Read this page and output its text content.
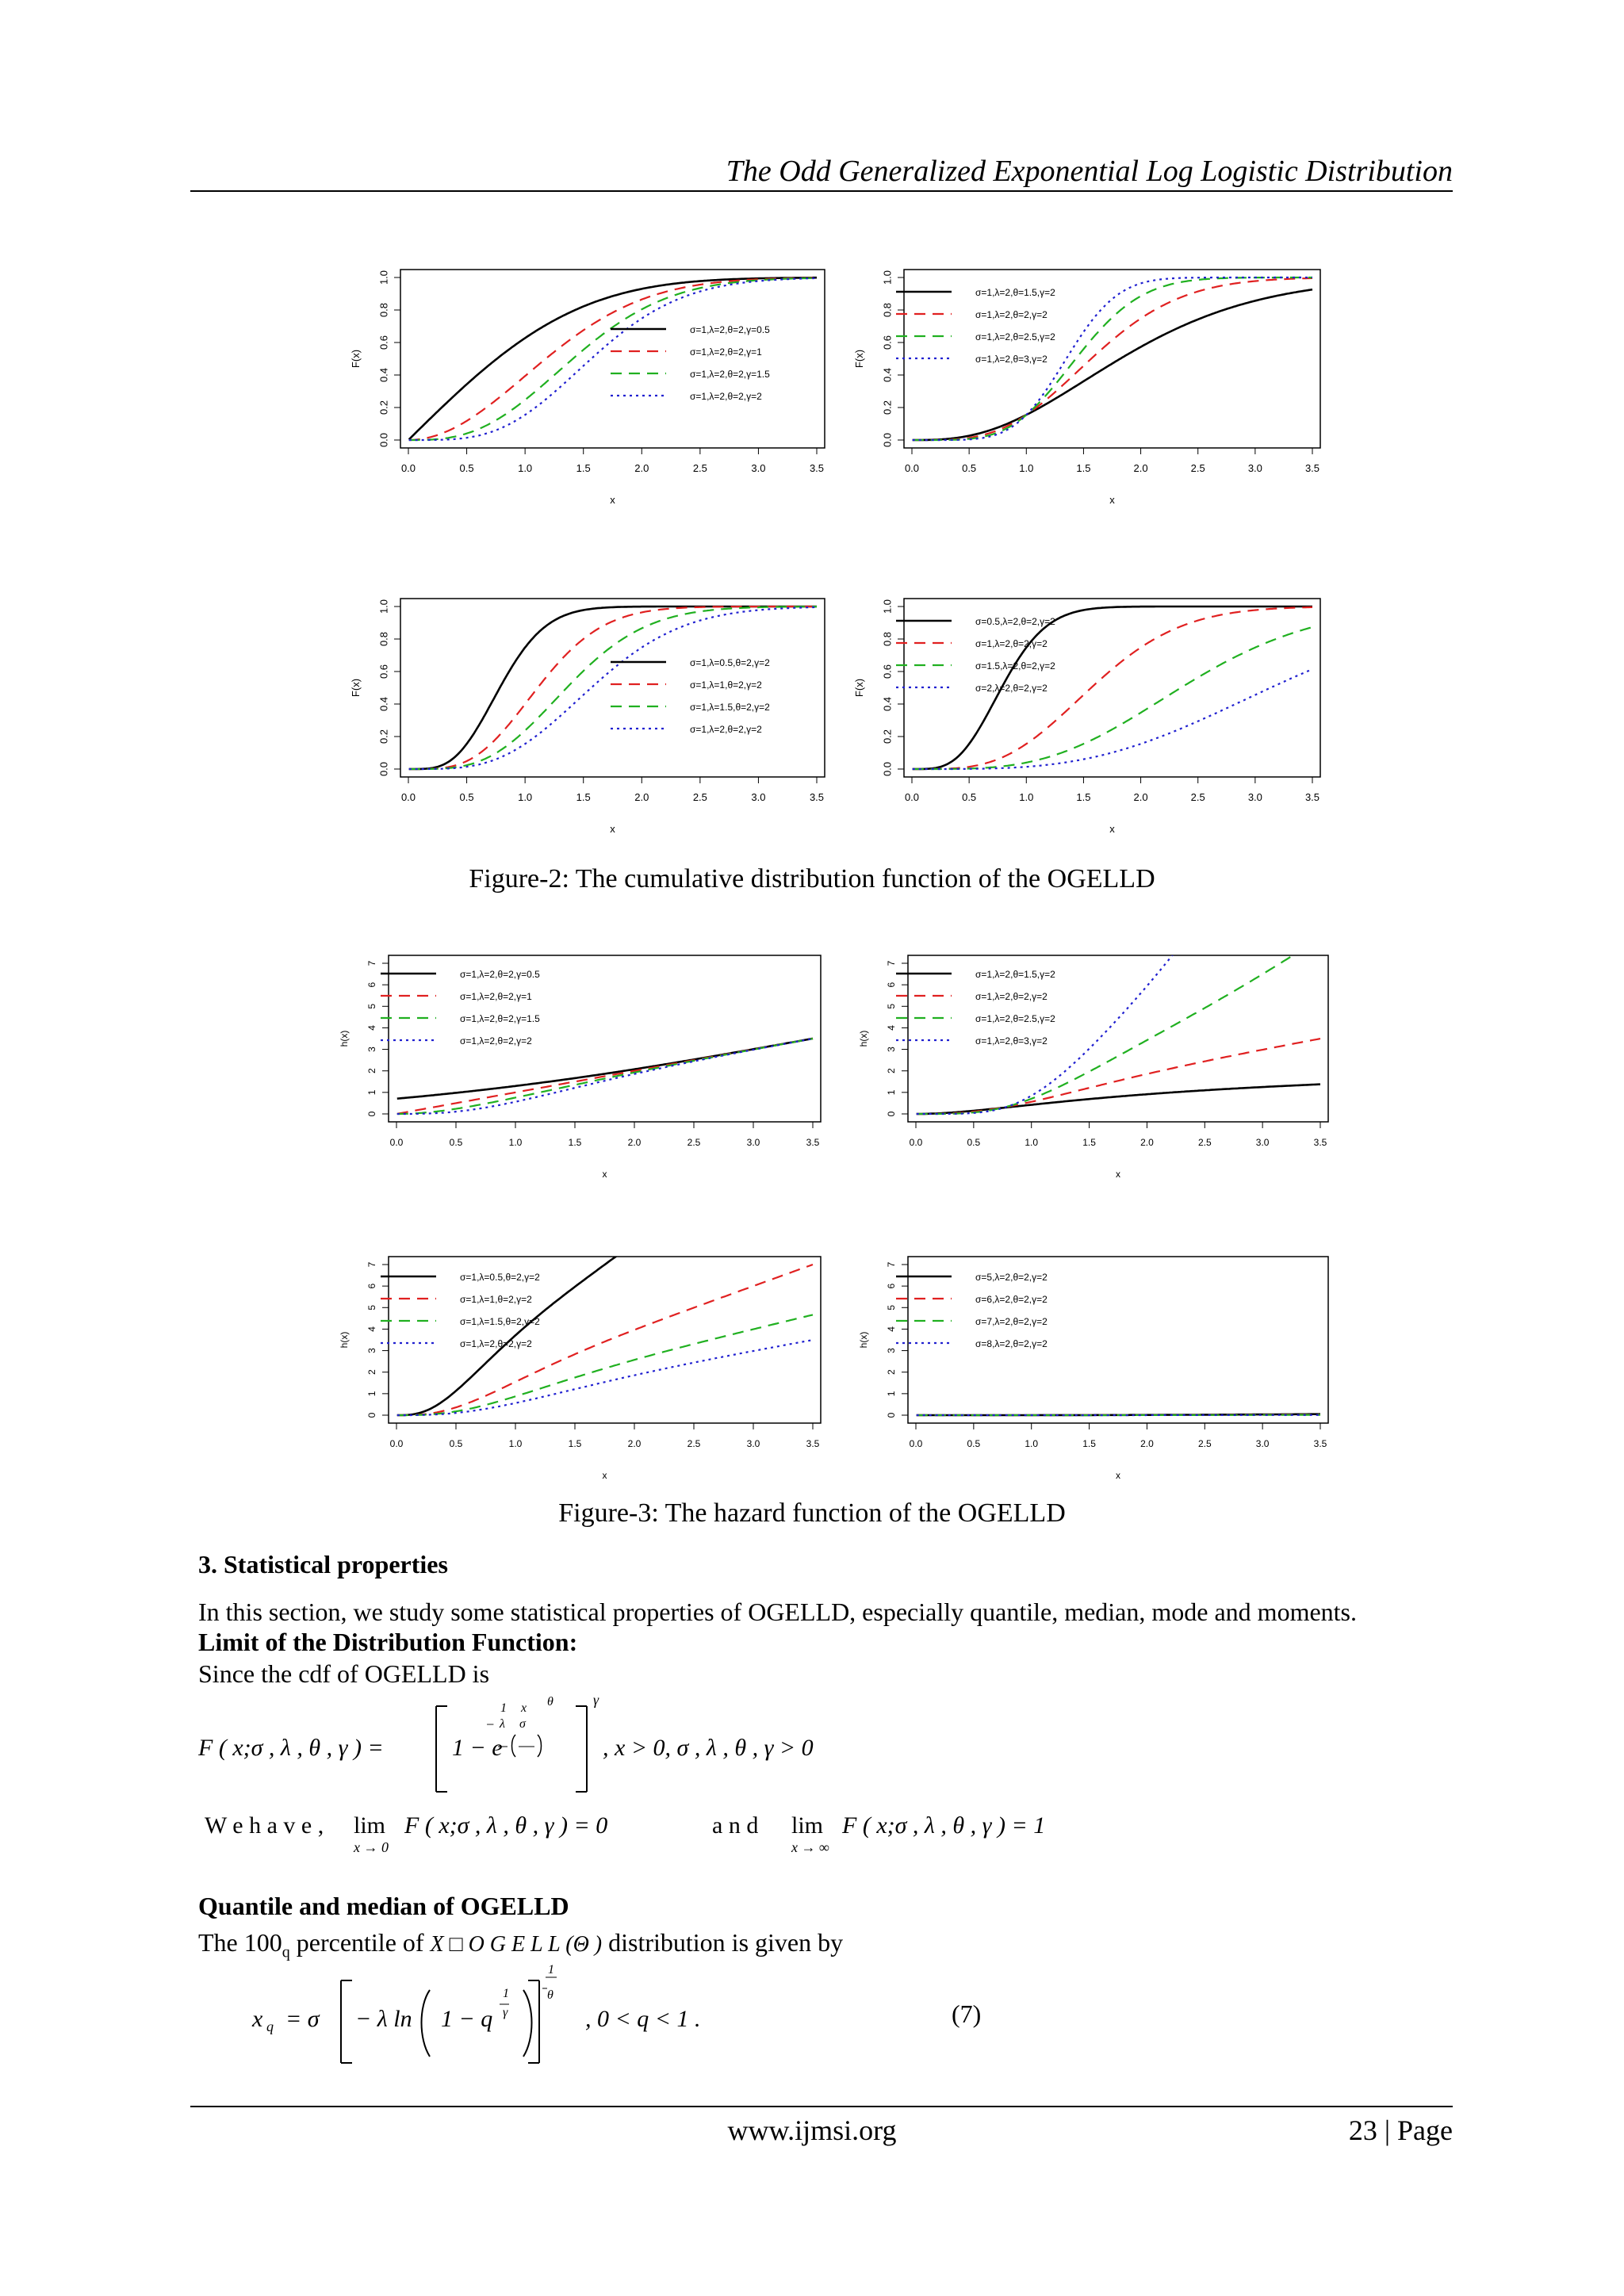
The Odd Generalized Exponential Log Logistic Distribution
0.0	0.5	1.0	1.5	2.0	2.5	3.0	3.5
0.0
0.2
0.4
0.6
0.8
1.0
x
F(x)
σ=1,λ=2,θ=2,γ=0.5
σ=1,λ=2,θ=2,γ=1
σ=1,λ=2,θ=2,γ=1.5
σ=1,λ=2,θ=2,γ=2
0.0	0.5	1.0	1.5	2.0	2.5	3.0	3.5
0.0
0.2
0.4
0.6
0.8
1.0
x
F(x)
σ=1,λ=2,θ=1.5,γ=2
σ=1,λ=2,θ=2,γ=2
σ=1,λ=2,θ=2.5,γ=2
σ=1,λ=2,θ=3,γ=2
0.0	0.5	1.0	1.5	2.0	2.5	3.0	3.5
0.0
0.2
0.4
0.6
0.8
1.0
x
F(x)
σ=1,λ=0.5,θ=2,γ=2
σ=1,λ=1,θ=2,γ=2
σ=1,λ=1.5,θ=2,γ=2
σ=1,λ=2,θ=2,γ=2
0.0	0.5	1.0	1.5	2.0	2.5	3.0	3.5
0.0
0.2
0.4
0.6
0.8
1.0
x
F(x)
σ=0.5,λ=2,θ=2,γ=2
σ=1,λ=2,θ=2,γ=2
σ=1.5,λ=2,θ=2,γ=2
σ=2,λ=2,θ=2,γ=2
0.0	0.5	1.0	1.5	2.0	2.5	3.0	3.5
0
1
2
3
4
5
6
7
x
h(x)
σ=1,λ=2,θ=2,γ=0.5
σ=1,λ=2,θ=2,γ=1
σ=1,λ=2,θ=2,γ=1.5
σ=1,λ=2,θ=2,γ=2
0.0	0.5	1.0	1.5	2.0	2.5	3.0	3.5
0
1
2
3
4
5
6
7
x
h(x)
σ=1,λ=2,θ=1.5,γ=2
σ=1,λ=2,θ=2,γ=2
σ=1,λ=2,θ=2.5,γ=2
σ=1,λ=2,θ=3,γ=2
0.0	0.5	1.0	1.5	2.0	2.5	3.0	3.5
0
1
2
3
4
5
6
7
x
h(x)
σ=1,λ=0.5,θ=2,γ=2
σ=1,λ=1,θ=2,γ=2
σ=1,λ=1.5,θ=2,γ=2
σ=1,λ=2,θ=2,γ=2
0.0	0.5	1.0	1.5	2.0	2.5	3.0	3.5
0
1
2
3
4
5
6
7
x
h(x)
σ=5,λ=2,θ=2,γ=2
σ=6,λ=2,θ=2,γ=2
σ=7,λ=2,θ=2,γ=2
σ=8,λ=2,θ=2,γ=2
Figure-2: The cumulative distribution function of the OGELLD
Figure-3: The hazard function of the OGELLD
3. Statistical properties
In this section, we study some statistical properties of OGELLD, especially quantile, median, mode and moments.
Limit of the Distribution Function:
Since the cdf of OGELLD is
F ( x;σ , λ , θ , γ ) =	1 − e
−
1
λ
x
σ
θ	γ
, x > 0, σ , λ , θ , γ > 0
W e h a v e , lim
x → 0
F ( x;σ , λ , θ , γ ) = 0	a n d lim
x → ∞
F ( x;σ , λ , θ , γ ) = 1
Quantile and median of OGELLD
The $100_q$ percentile of X □ O G E L L (Θ ) distribution is given by
x q = σ − λ ln 1 − q
1
γ
1
θ
, 0 < q < 1 .	(7)
www.ijmsi.org	23 | Page
